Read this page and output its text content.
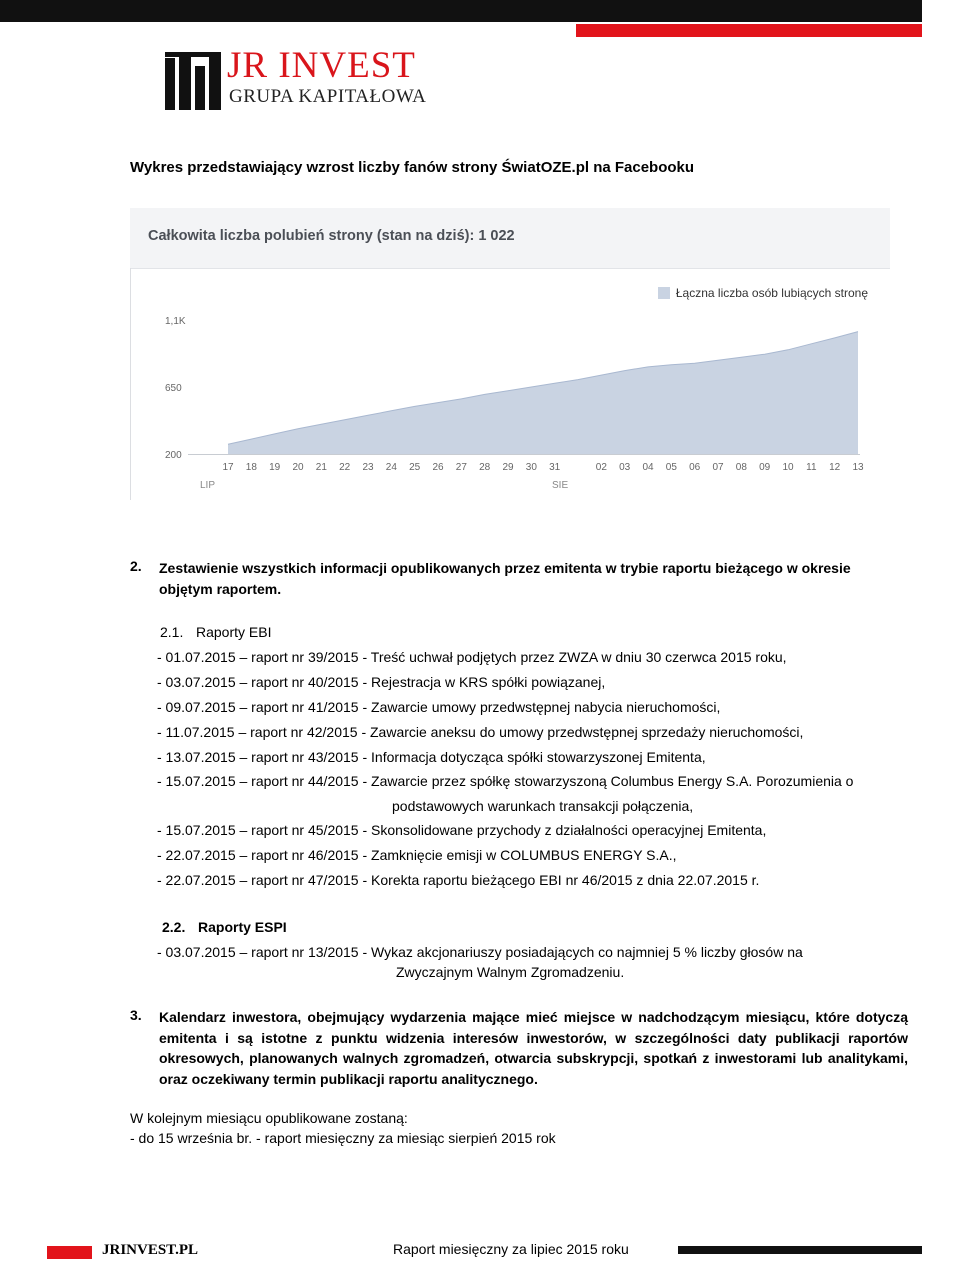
JR INVEST
GRUPA KAPITAŁOWA
Wykres przedstawiający wzrost liczby fanów strony ŚwiatOZE.pl na Facebooku
Całkowita liczba polubień strony (stan na dziś): 1 022
Łączna liczba osób lubiących stronę
1,1K
650
200
17 18 19 20 21 22 23 24 25 26 27 28 29 30 31	02 03 04 05 06 07 08 09 10 11 12 13
LIP	SIE
2. Zestawienie wszystkich informacji opublikowanych przez emitenta w trybie raportu bieżącego w okresie objętym raportem.
2.1. Raporty EBI
- 01.07.2015 – raport nr 39/2015 - Treść uchwał podjętych przez ZWZA w dniu 30 czerwca 2015 roku,
- 03.07.2015 – raport nr 40/2015 - Rejestracja w KRS spółki powiązanej,
- 09.07.2015 – raport nr 41/2015 - Zawarcie umowy przedwstępnej nabycia nieruchomości,
- 11.07.2015 – raport nr 42/2015 - Zawarcie aneksu do umowy przedwstępnej sprzedaży nieruchomości,
- 13.07.2015 – raport nr 43/2015 - Informacja dotycząca spółki stowarzyszonej Emitenta,
- 15.07.2015 – raport nr 44/2015 - Zawarcie przez spółkę stowarzyszoną Columbus Energy S.A. Porozumienia o
podstawowych warunkach transakcji połączenia,
- 15.07.2015 – raport nr 45/2015 - Skonsolidowane przychody z działalności operacyjnej Emitenta,
- 22.07.2015 – raport nr 46/2015 - Zamknięcie emisji w COLUMBUS ENERGY S.A.,
- 22.07.2015 – raport nr 47/2015 - Korekta raportu bieżącego EBI nr 46/2015 z dnia 22.07.2015 r.
2.2. Raporty ESPI
- 03.07.2015 – raport nr 13/2015 - Wykaz akcjonariuszy posiadających co najmniej 5 % liczby głosów na
Zwyczajnym Walnym Zgromadzeniu.
3. Kalendarz inwestora, obejmujący wydarzenia mające mieć miejsce w nadchodzącym miesiącu, które dotyczą emitenta i są istotne z punktu widzenia interesów inwestorów, w szczególności daty publikacji raportów okresowych, planowanych walnych zgromadzeń, otwarcia subskrypcji, spotkań z inwestorami lub analitykami, oraz oczekiwany termin publikacji raportu analitycznego.
W kolejnym miesiącu opublikowane zostaną:
- do 15 września br. - raport miesięczny za miesiąc sierpień 2015 rok
JRINVEST.PL	Raport miesięczny za lipiec 2015 roku
